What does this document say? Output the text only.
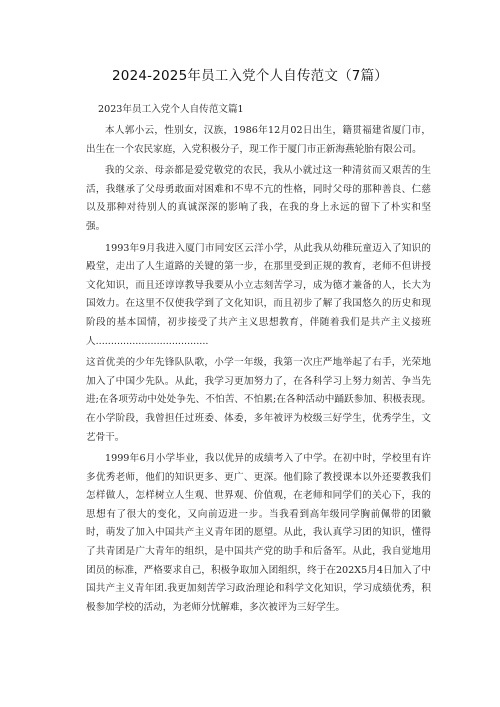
2024-2025年员工入党个人自传范文（7篇）
2023年员工入党个人自传范文篇1

本人郭小云，性别女，汉族，1986年12月02日出生，籍贯福建省厦门市，出生在一个农民家庭，入党积极分子，现工作于厦门市正新海燕轮胎有限公司。

我的父亲、母亲都是爱党敬党的农民，我从小就过这一种清贫而又艰苦的生活，我继承了父母勇敢面对困难和不卑不亢的性格，同时父母的那种善良、仁慈以及那种对待别人的真诚深深的影响了我，在我的身上永远的留下了朴实和坚强。

1993年9月我进入厦门市同安区云洋小学，从此我从幼稚玩童迈入了知识的殿堂，走出了人生道路的关键的第一步，在那里受到正规的教育，老师不但讲授文化知识，而且还谆谆教导我要从小立志刻苦学习，成为德才兼备的人，长大为国效力。在这里不仅使我学到了文化知识，而且初步了解了我国悠久的历史和现阶段的基本国情，初步接受了共产主义思想教育，伴随着我们是共产主义接班人.....................................

这首优美的少年先锋队队歌，小学一年级，我第一次庄严地举起了右手，光荣地加入了中国少先队。从此，我学习更加努力了，在各科学习上努力刻苦、争当先进;在各项劳动中处处争先、不怕苦、不怕累;在各种活动中踊跃参加、积极表现。在小学阶段，我曾担任过班委、体委，多年被评为校级三好学生，优秀学生，文艺骨干。

1999年6月小学毕业，我以优异的成绩考入了中学。在初中时，学校里有许多优秀老师，他们的知识更多、更广、更深。他们除了教授课本以外还要教我们怎样做人，怎样树立人生观、世界观、价值观，在老师和同学们的关心下，我的思想有了很大的变化，又向前迈进一步。当我看到高年级同学胸前佩带的团徽时，萌发了加入中国共产主义青年团的愿望。从此，我认真学习团的知识，懂得了共青团是广大青年的组织，是中国共产党的助手和后备军。从此，我自觉地用团员的标准，严格要求自己，积极争取加入团组织，终于在202X5月4日加入了中国共产主义青年团.我更加刻苦学习政治理论和科学文化知识，学习成绩优秀，积极参加学校的活动，为老师分忧解难，多次被评为三好学生。
